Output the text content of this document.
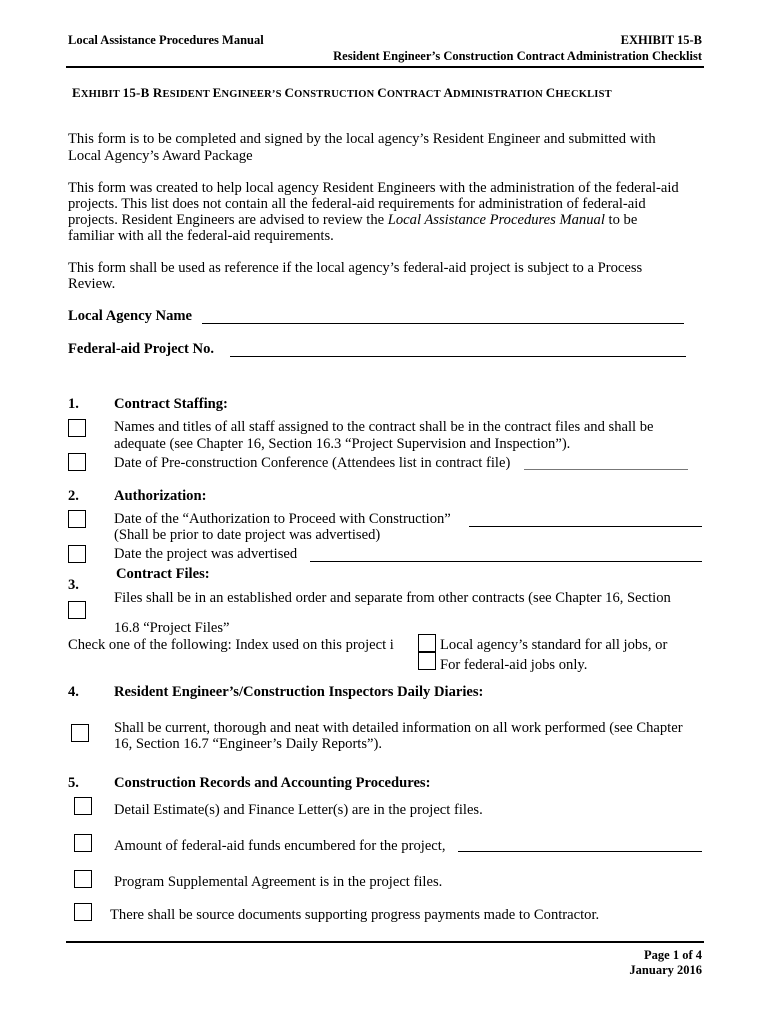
Local Assistance Procedures Manual	EXHIBIT 15-B
Resident Engineer’s Construction Contract Administration Checklist
EXHIBIT 15-B RESIDENT ENGINEER’S CONSTRUCTION CONTRACT ADMINISTRATION CHECKLIST
This form is to be completed and signed by the local agency’s Resident Engineer and submitted with
Local Agency’s Award Package
This form was created to help local agency Resident Engineers with the administration of the federal-aid
projects. This list does not contain all the federal-aid requirements for administration of federal-aid
projects. Resident Engineers are advised to review the Local Assistance Procedures Manual to be
familiar with all the federal-aid requirements.
This form shall be used as reference if the local agency’s federal-aid project is subject to a Process
Review.
Local Agency Name
Federal-aid Project No.
1. Contract Staffing:
Names and titles of all staff assigned to the contract shall be in the contract files and shall be
adequate (see Chapter 16, Section 16.3 “Project Supervision and Inspection”).
Date of Pre-construction Conference (Attendees list in contract file)
2. Authorization:
Date of the “Authorization to Proceed with Construction”
(Shall be prior to date project was advertised)
Date the project was advertised
Contract Files:
3.
Files shall be in an established order and separate from other contracts (see Chapter 16, Section
16.8 “Project Files”
Check one of the following: Index used on this project i	Local agency’s standard for all jobs, or
For federal-aid jobs only.
4. Resident Engineer’s/Construction Inspectors Daily Diaries:
Shall be current, thorough and neat with detailed information on all work performed (see Chapter
16, Section 16.7 “Engineer’s Daily Reports”).
5. Construction Records and Accounting Procedures:
Detail Estimate(s) and Finance Letter(s) are in the project files.
Amount of federal-aid funds encumbered for the project,
Program Supplemental Agreement is in the project files.
There shall be source documents supporting progress payments made to Contractor.
Page 1 of 4
January 2016
